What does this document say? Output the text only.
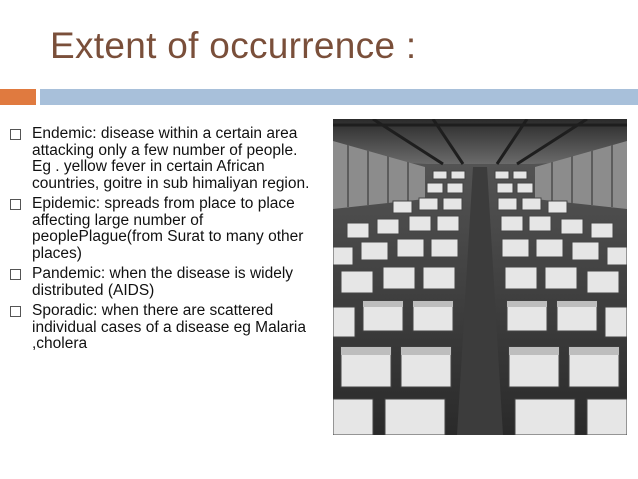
Extent of occurrence :
Endemic: disease within a certain area attacking only a few number of people. Eg . yellow fever in certain African countries, goitre in sub himaliyan region.
Epidemic: spreads from place to place affecting large number of peoplePlague(from Surat to many other places)
Pandemic: when the disease is widely distributed (AIDS)
Sporadic: when there are scattered individual cases of a disease eg Malaria ,cholera
